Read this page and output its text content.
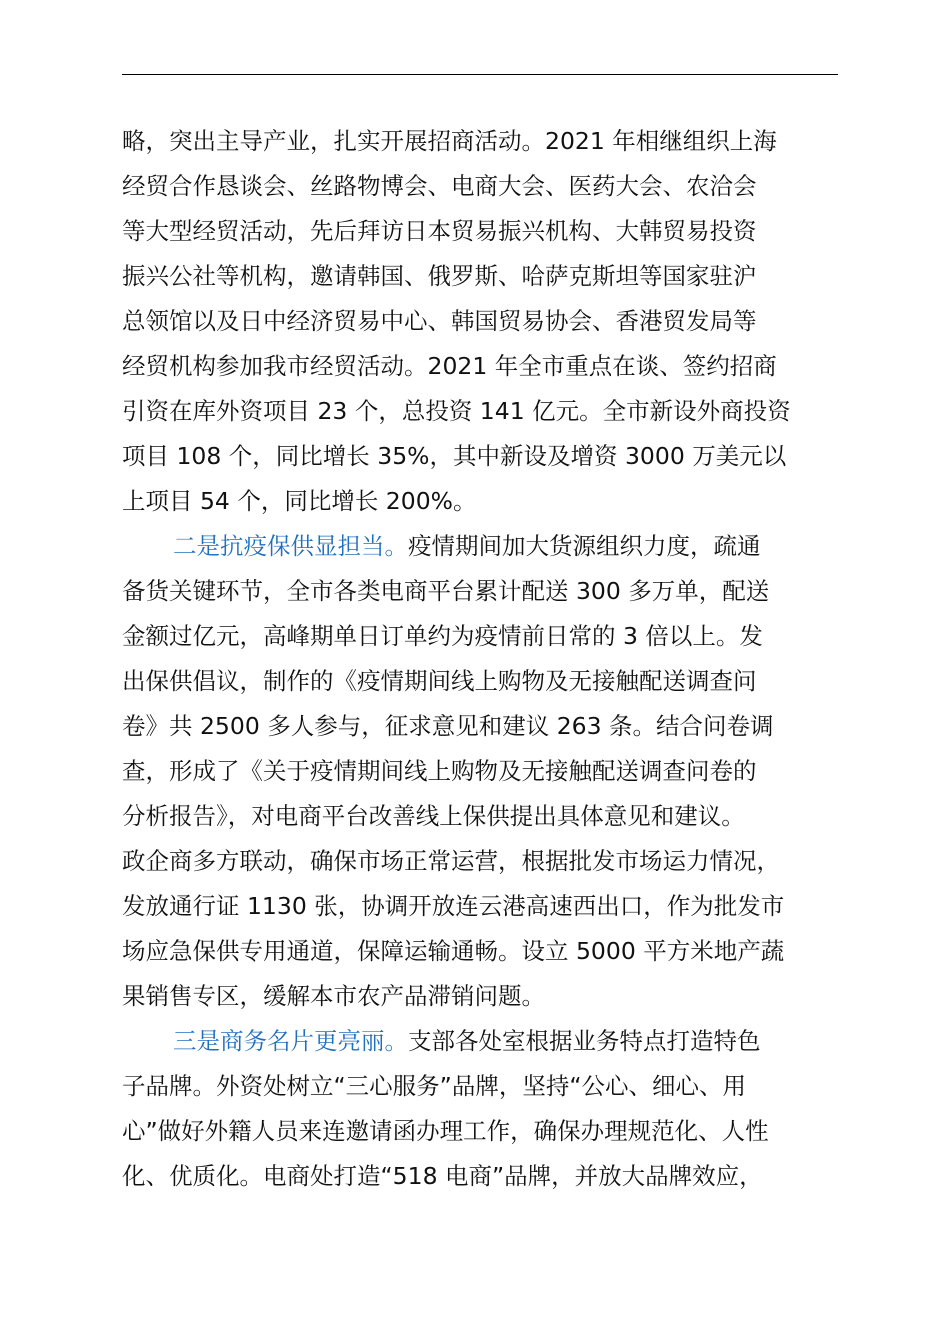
略，突出主导产业，扎实开展招商活动。2021 年相继组织上海
经贸合作恳谈会、丝路物博会、电商大会、医药大会、农洽会
等大型经贸活动，先后拜访日本贸易振兴机构、大韩贸易投资
振兴公社等机构，邀请韩国、俄罗斯、哈萨克斯坦等国家驻沪
总领馆以及日中经济贸易中心、韩国贸易协会、香港贸发局等
经贸机构参加我市经贸活动。2021 年全市重点在谈、签约招商
引资在库外资项目 23 个，总投资 141 亿元。全市新设外商投资
项目 108 个，同比增长 35%，其中新设及增资 3000 万美元以
上项目 54 个，同比增长 200%。
二是抗疫保供显担当。疫情期间加大货源组织力度，疏通
备货关键环节，全市各类电商平台累计配送 300 多万单，配送
金额过亿元，高峰期单日订单约为疫情前日常的 3 倍以上。发
出保供倡议，制作的《疫情期间线上购物及无接触配送调查问
卷》共 2500 多人参与，征求意见和建议 263 条。结合问卷调
查，形成了《关于疫情期间线上购物及无接触配送调查问卷的
分析报告》，对电商平台改善线上保供提出具体意见和建议。
政企商多方联动，确保市场正常运营，根据批发市场运力情况，
发放通行证 1130 张，协调开放连云港高速西出口，作为批发市
场应急保供专用通道，保障运输通畅。设立 5000 平方米地产蔬
果销售专区，缓解本市农产品滞销问题。
三是商务名片更亮丽。支部各处室根据业务特点打造特色
子品牌。外资处树立“三心服务”品牌，坚持“公心、细心、用
心”做好外籍人员来连邀请函办理工作，确保办理规范化、人性
化、优质化。电商处打造“518 电商”品牌，并放大品牌效应，
